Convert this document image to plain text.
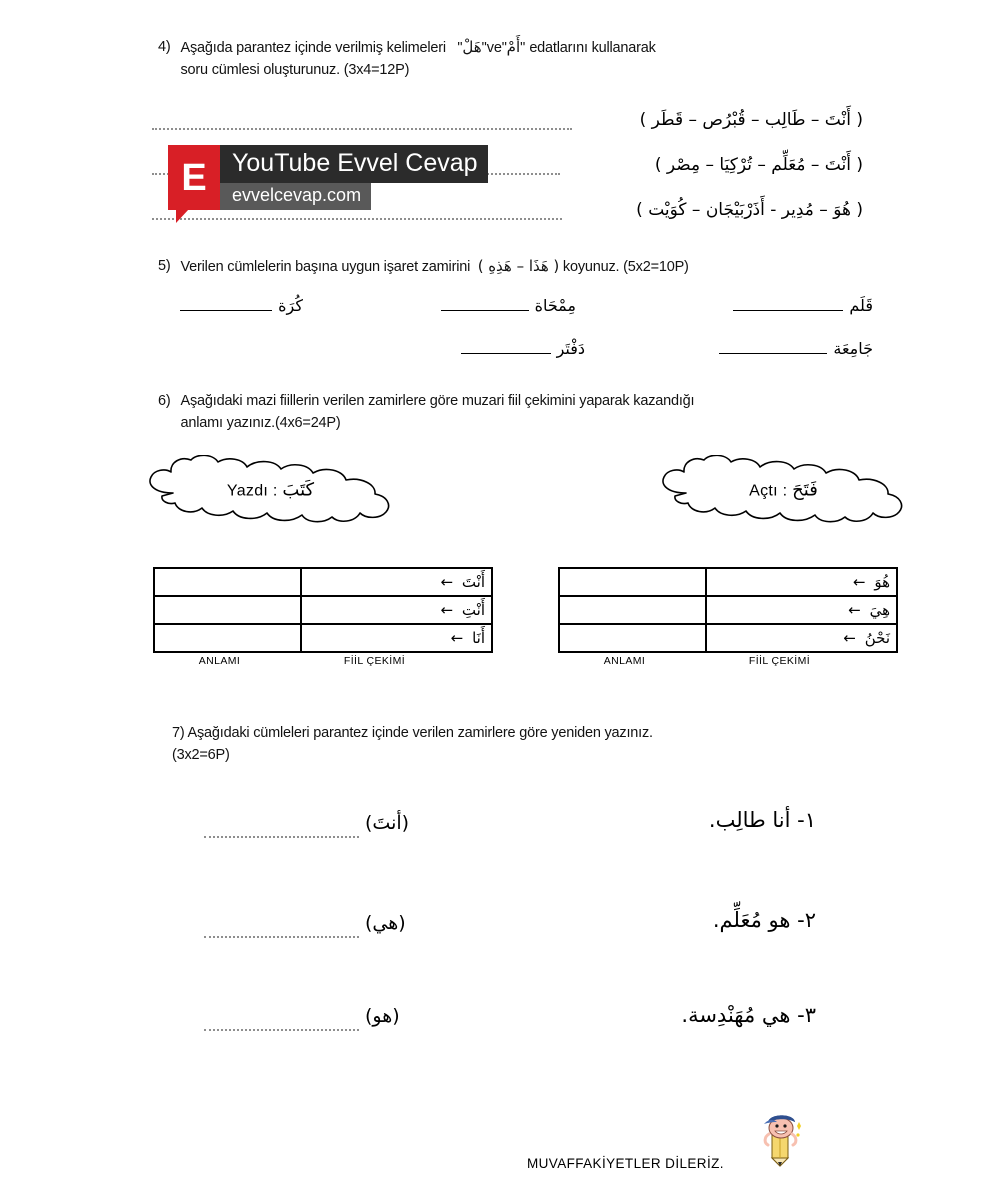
4) Aşağıda parantez içinde verilmiş kelimeleri   "هَلْ"ve"أَمْ" edatlarını kullanarak
soru cümlesi oluşturunuz. (3x4=12P)
( أَنْتَ – طَالِب – قُبْرُص – قَطَر )
( أَنْتَ – مُعَلِّم – تُرْكِيَا – مِصْر )
( هُوَ – مُدِير - أَذَرْبَيْجَان – كُوَيْت )
5) Verilen cümlelerin başına uygun işaret zamirini ( هَذَا – هَذِهِ ) koyunuz. (5x2=10P)
قَلَم
مِمْحَاة
كُرَة
جَامِعَة
دَفْتَر
6) Aşağıdaki mazi fiillerin verilen zamirlere göre muzari fiil çekimini yaparak kazandığı
anlamı yazınız.(4x6=24P)
Yazdı : كَتَبَ	Açtı : فَتَحَ
	أَنْتَ ←
	أَنْتِ ←
	أَنَا ←
ANLAMI	FİİL ÇEKİMİ
	هُوَ ←
	هِيَ ←
	نَحْنُ ←
ANLAMI	FİİL ÇEKİMİ
7) Aşağıdaki cümleleri parantez içinde verilen zamirlere göre yeniden yazınız.
(3x2=6P)
١- أنا طالِب.
٢- هو مُعَلِّم.
٣- هي مُهَنْدِسة.
(أنتَ)
(هي)
(هو)
MUVAFFAKİYETLER DİLERİZ.
E	YouTube Evvel Cevap
evvelcevap.com
